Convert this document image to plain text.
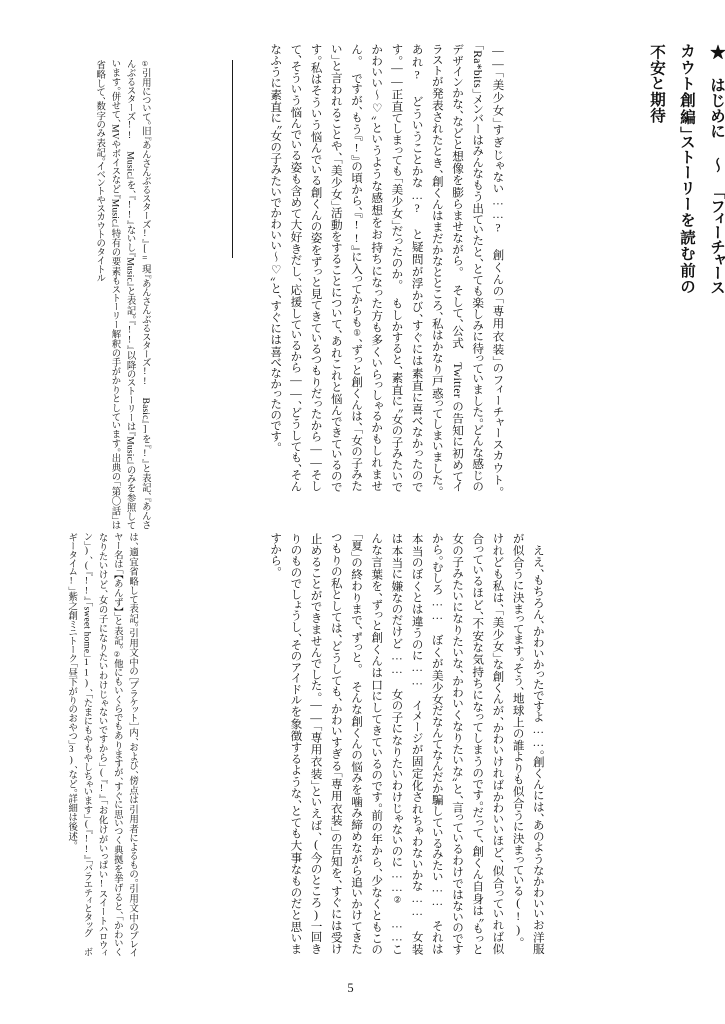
★ はじめに ～ 「フィーチャースカウト創編」ストーリーを読む前の不安と期待
――「美少女」すぎじゃない……?　創くんの「専用衣装」のフィーチャースカウト。「Ra*bits」メンバーはみんなもう出ていたと、とても楽しみに待っていました。どんな感じのデザインかな、などと想像を膨らませながら。　そして、公式 Twitter の告知に初めてイラストが発表されたとき、創くんはまだかなとところ、私はかなり戸惑ってしまいました。あれ? どういうことかな…? と疑問が浮かび、すぐには素直に喜べなかったのです。――正直てしまっても「美少女」だったのか。　もしかすると、素直に〝女の子みたいでかわいい〜♡〟というような感想をお持ちになった方も多くいらっしゃるかもしれません。　ですが、もう『!』の頃から、『!!』に入ってからも①、ずっと創くんは、「女の子みたい」と言われることや、「美少女」活動をすることについて、あれこれと悩んできているのです。私はそういう悩んでいる創くんの姿をずっと見てきているつもりだったから――そして、そういう悩んでいる姿も含めて大好きだし、応援しているから――、どうしても、そんなふうに素直に〝女の子みたいでかわいい〜♡〟と、すぐには喜べなかったのです。
①引用について。旧『あんさんぶるスターズ!』[=現『あんさんぶるスターズ!! Basic』]を『!』と表記、『あんさんぶるスターズ!! Music』を、『!!』ないし『Music』と表記。『!!』以降のストーリーは『Music』のみを参照しています。併せて、MVやボイスなど『Music』特有の要素もストーリー解釈の手がかりとしています。出典の「第〇話」は省略して、数字のみ表記。イベントやスカウトのタイトル
　ええ、もちろん、かわいかったですよ……。創くんには、あのようなかわいいお洋服が似合うに決まってます。そう、地球上の誰よりも似合うに決まっている(!)。　けれども私は、「美少女」な創くんが、かわいければかわいいほど、似合っていれば似合っているほど、不安な気持ちになってしまうのです。だって、創くん自身は〝もっと女の子みたいになりたいな、かわいくなりたいな〟と、言っているわけではないのですから。むしろ……　ぼくが美少女だなんてなんだか騙しているみたい……　それは本当のぼくとは違うのに……　イメージが固定化されちゃわないかな……　女装は本当に嫌なのだけど……　女の子になりたいわけじゃないのに……②　……こんな言葉を、ずっと創くんは口にしてきているのです。前の年から、少なくともこの「夏」の終わりまで、ずっと。　そんな創くんの悩みを噛み締めながら追いかけてきたつもりの私としては、どうしても、かわいすぎる「専用衣装」の告知を、すぐには受け止めることができませんでした。――「専用衣装」といえば、(今のところ)一回きりのものでしょうし、そのアイドルを象徴するような、とても大事なものだと思いますから。
は、適宜省略して表記。引用文中の［ブラケット］内、および、傍点は引用者によるもの。引用文中のプレイヤー名は「【あんず】」と表記。②他にもいくらでもありますが、すぐに思いつく典拠を挙げると、「かわいくなりたいけど、女の子になりたいわけじゃないですから」(『!』「お化けがいっぱい!スイートハロウィン」)、(『!!』「sweet home」11)、「たまにもやもやしちゃいます」(『!!』「バラエティとタッグ ボギータイム!」紫之創ミニトーク「昼下がりのおやつ」3)、など。詳細は後述。
5
